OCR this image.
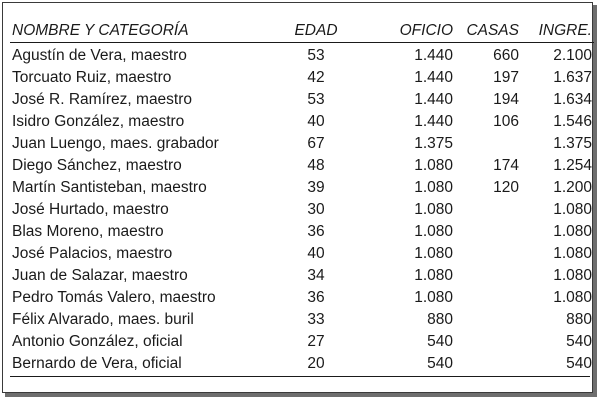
NOMBRE Y CATEGORÍA	EDAD	OFICIO	CASAS	INGRE.
Agustín de Vera, maestro	53	1.440	660	2.100
Torcuato Ruiz, maestro	42	1.440	197	1.637
José R. Ramírez, maestro	53	1.440	194	1.634
Isidro González, maestro	40	1.440	106	1.546
Juan Luengo, maes. grabador	67	1.375		1.375
Diego Sánchez, maestro	48	1.080	174	1.254
Martín Santisteban, maestro	39	1.080	120	1.200
José Hurtado, maestro	30	1.080		1.080
Blas Moreno, maestro	36	1.080		1.080
José Palacios, maestro	40	1.080		1.080
Juan de Salazar, maestro	34	1.080		1.080
Pedro Tomás Valero, maestro	36	1.080		1.080
Félix Alvarado, maes. buril	33	880		880
Antonio González, oficial	27	540		540
Bernardo de Vera, oficial	20	540		540
